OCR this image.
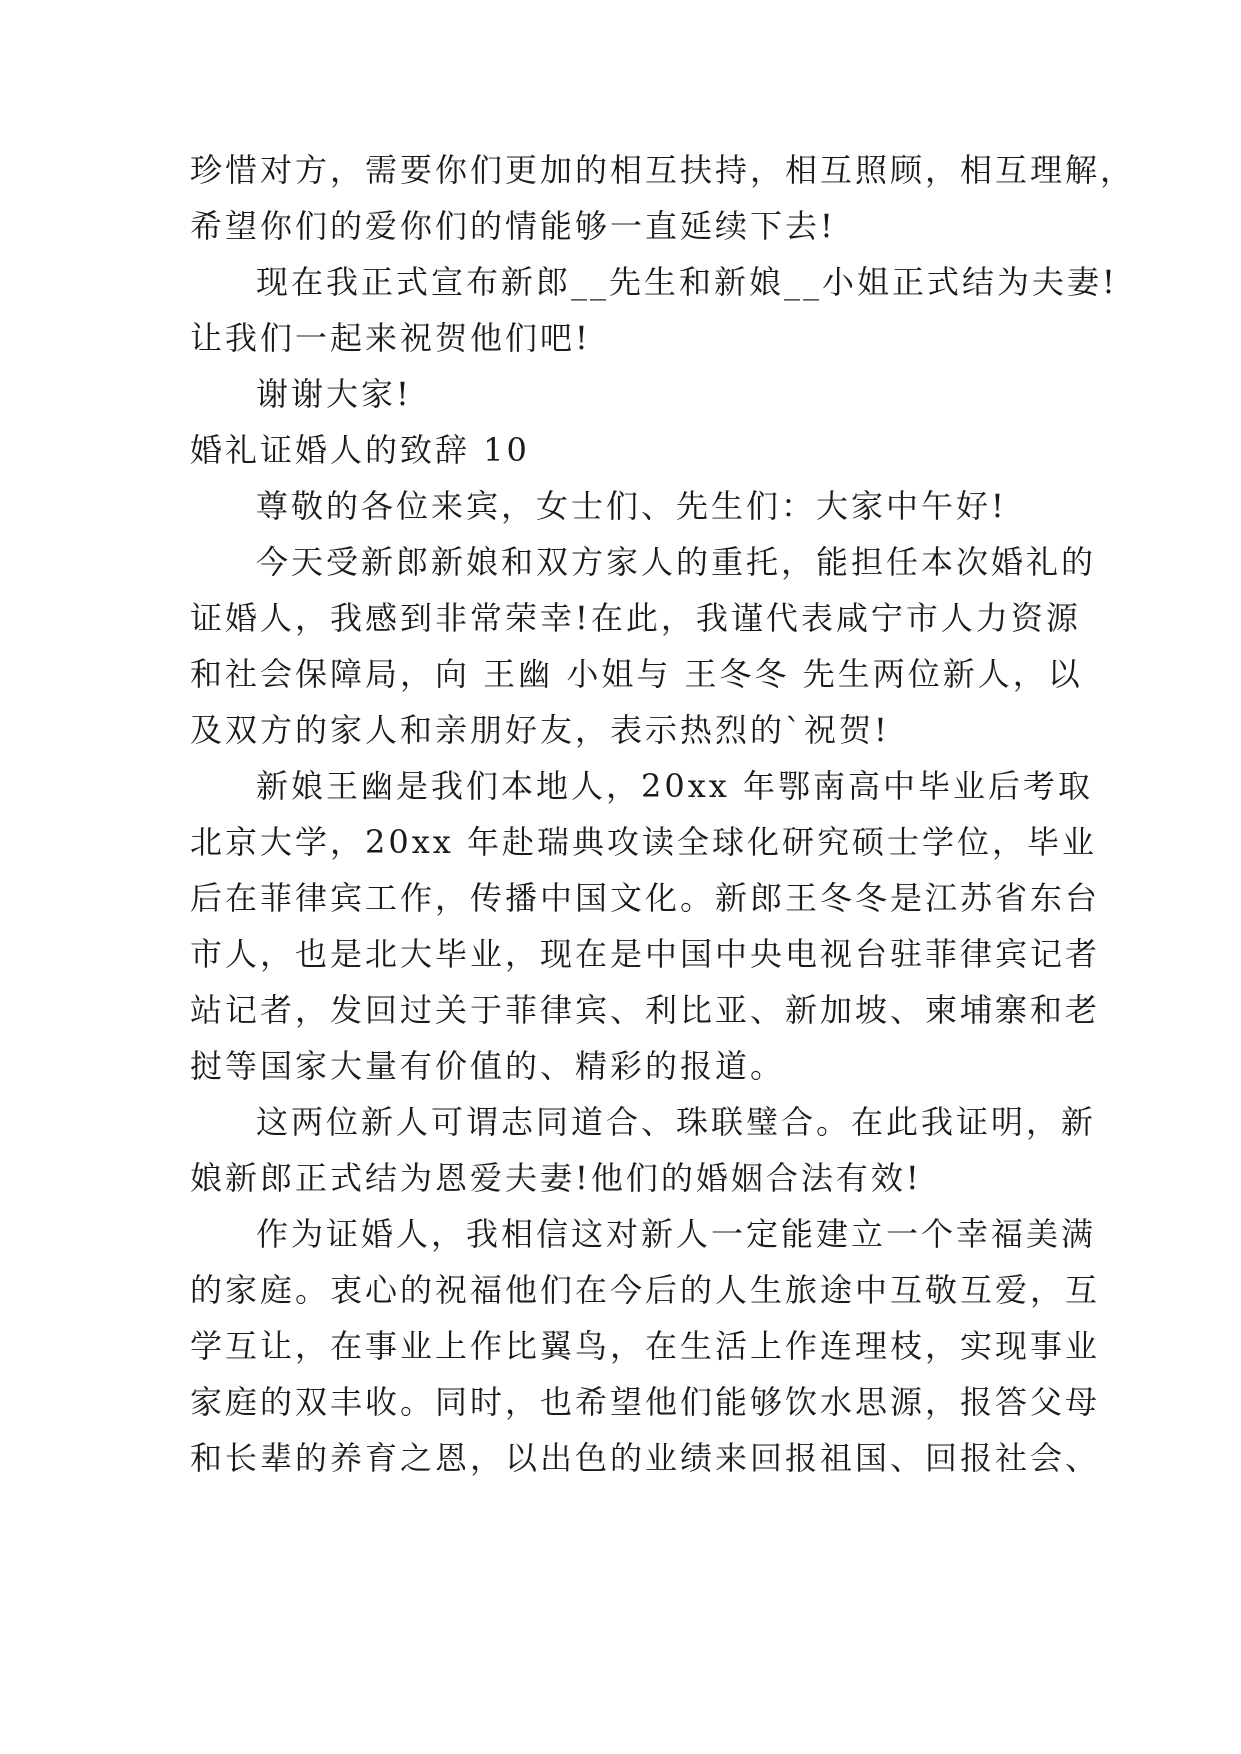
珍惜对方，需要你们更加的相互扶持，相互照顾，相互理解，
希望你们的爱你们的情能够一直延续下去!
现在我正式宣布新郎__先生和新娘__小姐正式结为夫妻!
让我们一起来祝贺他们吧!
谢谢大家!
婚礼证婚人的致辞 10
尊敬的各位来宾，女士们、先生们：大家中午好!
今天受新郎新娘和双方家人的重托，能担任本次婚礼的
证婚人，我感到非常荣幸!在此，我谨代表咸宁市人力资源
和社会保障局，向 王幽 小姐与 王冬冬 先生两位新人，以
及双方的家人和亲朋好友，表示热烈的`祝贺!
新娘王幽是我们本地人，20xx 年鄂南高中毕业后考取
北京大学，20xx 年赴瑞典攻读全球化研究硕士学位，毕业
后在菲律宾工作，传播中国文化。新郎王冬冬是江苏省东台
市人，也是北大毕业，现在是中国中央电视台驻菲律宾记者
站记者，发回过关于菲律宾、利比亚、新加坡、柬埔寨和老
挝等国家大量有价值的、精彩的报道。
这两位新人可谓志同道合、珠联璧合。在此我证明，新
娘新郎正式结为恩爱夫妻!他们的婚姻合法有效!
作为证婚人，我相信这对新人一定能建立一个幸福美满
的家庭。衷心的祝福他们在今后的人生旅途中互敬互爱，互
学互让，在事业上作比翼鸟，在生活上作连理枝，实现事业
家庭的双丰收。同时，也希望他们能够饮水思源，报答父母
和长辈的养育之恩，以出色的业绩来回报祖国、回报社会、
